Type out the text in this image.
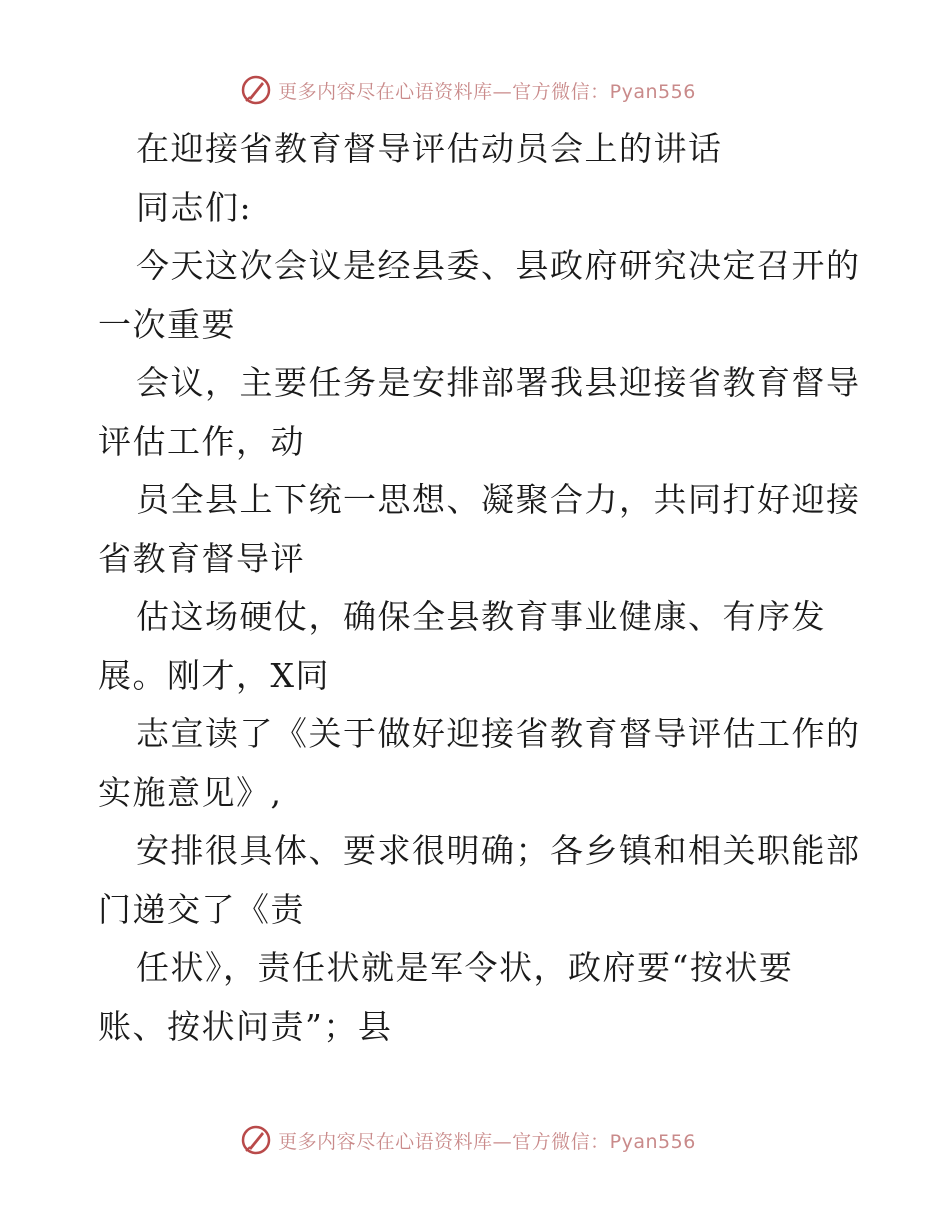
更多内容尽在心语资料库—官方微信：Pyan556
在迎接省教育督导评估动员会上的讲话
同志们:
今天这次会议是经县委、县政府研究决定召开的
一次重要
会议，主要任务是安排部署我县迎接省教育督导
评估工作，动
员全县上下统一思想、凝聚合力，共同打好迎接
省教育督导评
估这场硬仗，确保全县教育事业健康、有序发
展。刚才，X同
志宣读了《关于做好迎接省教育督导评估工作的
实施意见》,
安排很具体、要求很明确；各乡镇和相关职能部
门递交了《责
任状》，责任状就是军令状，政府要“按状要
账、按状问责”；县
更多内容尽在心语资料库—官方微信：Pyan556
